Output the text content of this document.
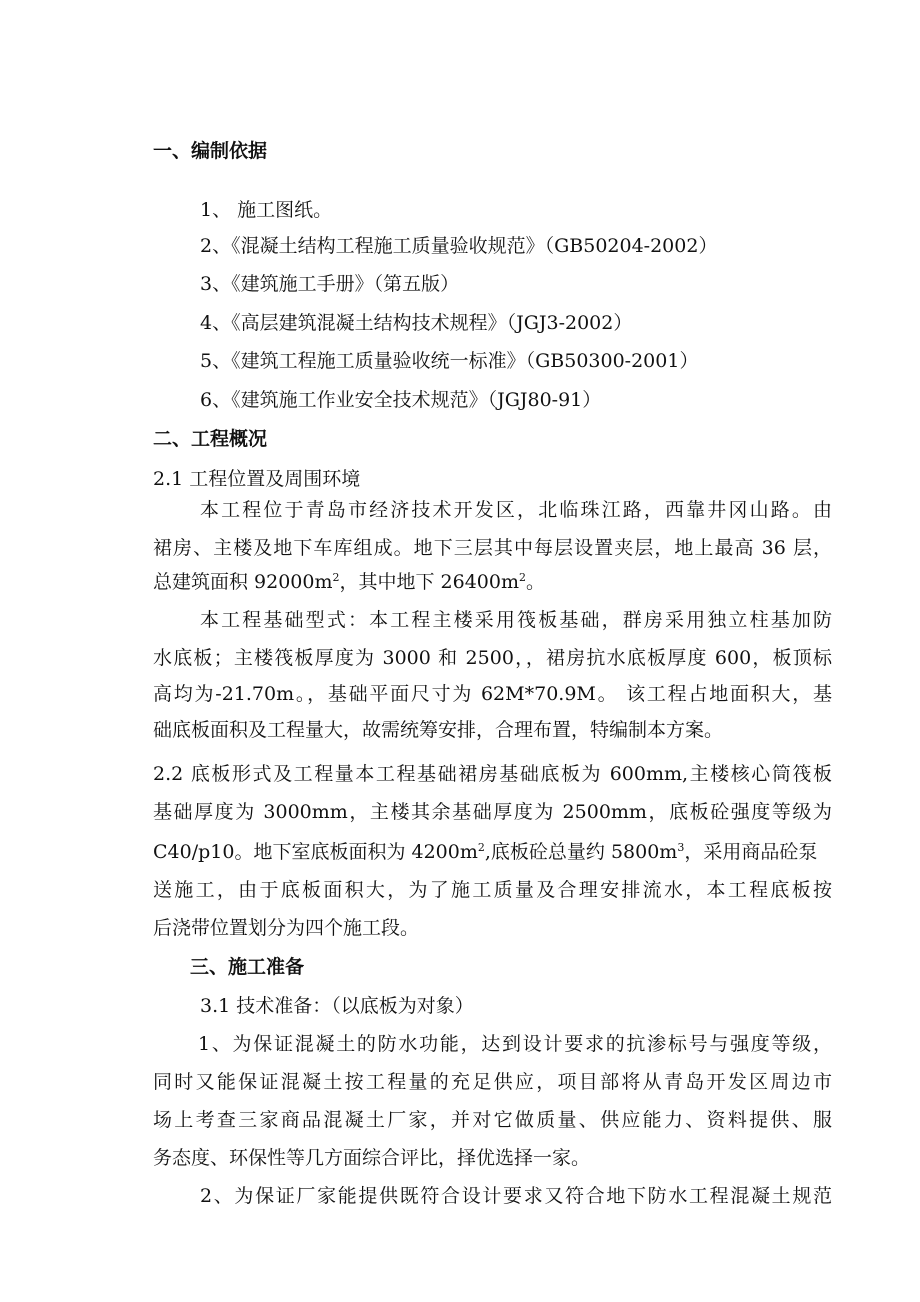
一、编制依据
1、 施工图纸。
2、《混凝土结构工程施工质量验收规范》（GB50204-2002）
3、《建筑施工手册》（第五版）
4、《高层建筑混凝土结构技术规程》（JGJ3-2002）
5、《建筑工程施工质量验收统一标准》（GB50300-2001）
6、《建筑施工作业安全技术规范》（JGJ80-91）
二、工程概况
2.1 工程位置及周围环境
本工程位于青岛市经济技术开发区，北临珠江路，西靠井冈山路。由
裙房、主楼及地下车库组成。地下三层其中每层设置夹层，地上最高 36 层，
总建筑面积 $92000m^2$，其中地下 $26400m^2$。
本工程基础型式：本工程主楼采用筏板基础，群房采用独立柱基加防
水底板；主楼筏板厚度为 3000 和 2500，，裙房抗水底板厚度 600，板顶标
高均为-21.70m。，基础平面尺寸为 62M*70.9M。 该工程占地面积大，基
础底板面积及工程量大，故需统筹安排，合理布置，特编制本方案。
2.2 底板形式及工程量本工程基础裙房基础底板为 600mm,主楼核心筒筏板
基础厚度为 3000mm，主楼其余基础厚度为 2500mm，底板砼强度等级为
C40/p10。地下室底板面积为 $4200m^2$,底板砼总量约 $5800m^3$，采用商品砼泵
送施工，由于底板面积大，为了施工质量及合理安排流水，本工程底板按
后浇带位置划分为四个施工段。
三、施工准备
3.1 技术准备：（以底板为对象）
1、为保证混凝土的防水功能，达到设计要求的抗渗标号与强度等级，
同时又能保证混凝土按工程量的充足供应，项目部将从青岛开发区周边市
场上考查三家商品混凝土厂家，并对它做质量、供应能力、资料提供、服
务态度、环保性等几方面综合评比，择优选择一家。
2、为保证厂家能提供既符合设计要求又符合地下防水工程混凝土规范
